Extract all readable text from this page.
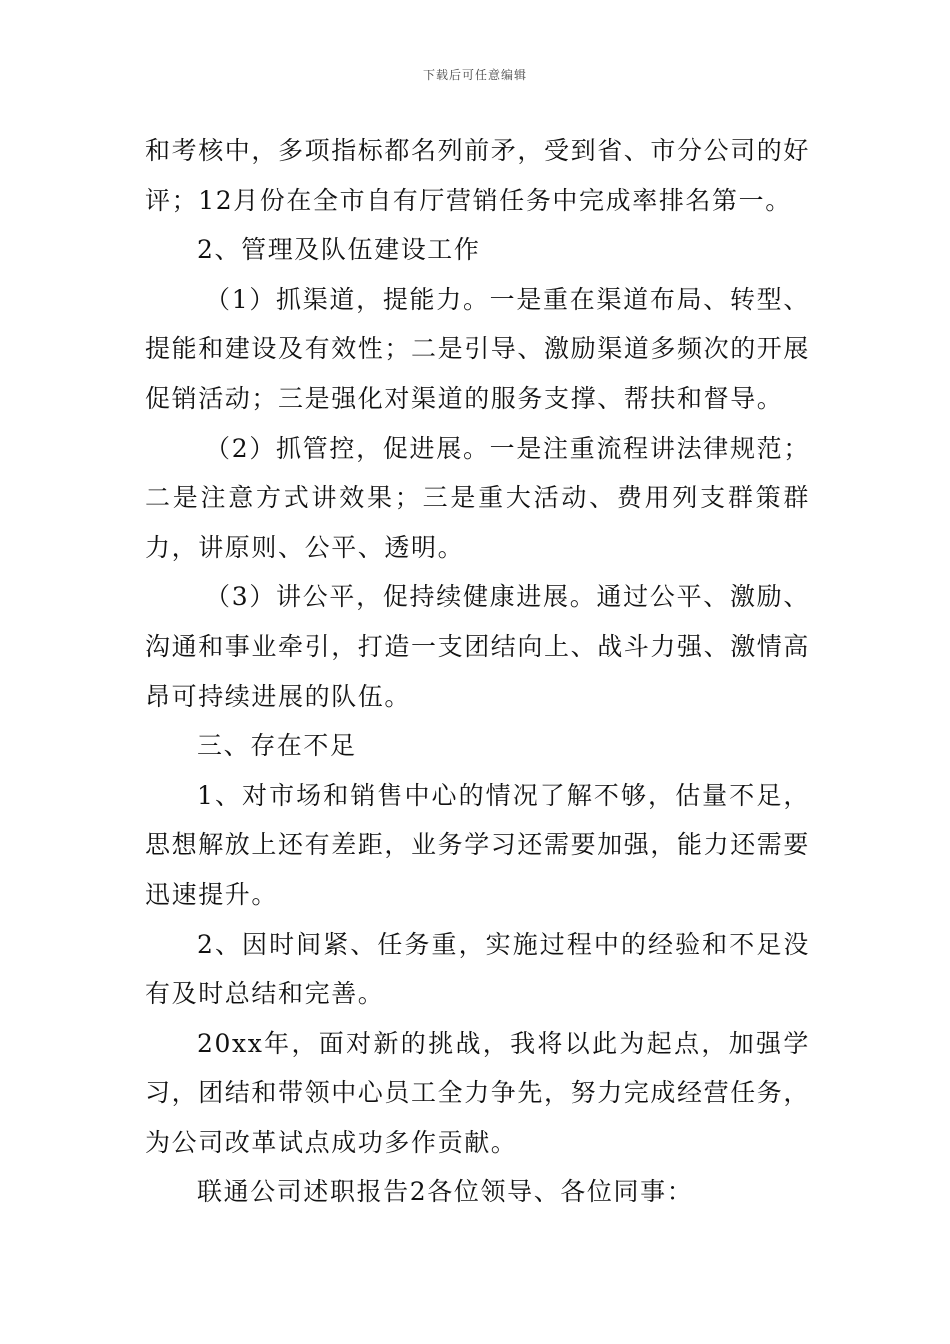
下载后可任意编辑

和考核中，多项指标都名列前矛，受到省、市分公司的好评；12月份在全市自有厅营销任务中完成率排名第一。

2、管理及队伍建设工作

（1）抓渠道，提能力。一是重在渠道布局、转型、提能和建设及有效性；二是引导、激励渠道多频次的开展促销活动；三是强化对渠道的服务支撑、帮扶和督导。

（2）抓管控，促进展。一是注重流程讲法律规范；二是注意方式讲效果；三是重大活动、费用列支群策群力，讲原则、公平、透明。

（3）讲公平，促持续健康进展。通过公平、激励、沟通和事业牵引，打造一支团结向上、战斗力强、激情高昂可持续进展的队伍。

三、存在不足

1、对市场和销售中心的情况了解不够，估量不足，思想解放上还有差距，业务学习还需要加强，能力还需要迅速提升。

2、因时间紧、任务重，实施过程中的经验和不足没有及时总结和完善。

20xx年，面对新的挑战，我将以此为起点，加强学习，团结和带领中心员工全力争先，努力完成经营任务，为公司改革试点成功多作贡献。

联通公司述职报告2各位领导、各位同事：
